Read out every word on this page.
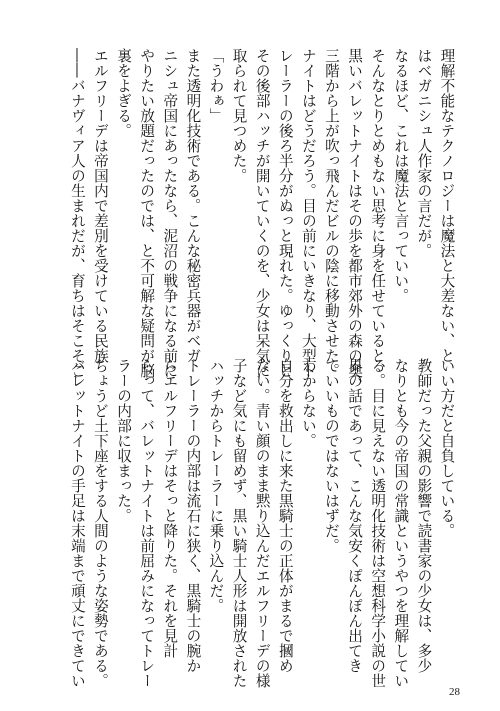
理解不能なテクノロジーは魔法と大差ない、と
はベガニシュ人作家の言だが。
なるほど、これは魔法と言っていい。
そんなとりとめもない思考に身を任せていると、
黒いバレットナイトはその歩を都市郊外の森の奥、
三階から上が吹っ飛んだビルの陰に移動させた。
ナイトはどうだろう。目の前にいきなり、大型ト
レーラーの後ろ半分がぬっと現れた。ゆっくりと
その後部ハッチが開いていくのを、少女は呆気に
取られて見つめた。
「うわぁ」
また透明化技術である。こんな秘密兵器がベガ
ニシュ帝国にあったなら、泥沼の戦争になる前に
やりたい放題だったのでは、と不可解な疑問が脳
裏をよぎる。
エルフリーデは帝国内で差別を受けている民族
――バナヴィア人の生まれだが、育ちはそこそこ
いい方だと自負している。
教師だった父親の影響で読書家の少女は、多少
なりとも今の帝国の常識というやつを理解してい
る。目に見えない透明化技術は空想科学小説の世
界の話であって、こんな気安くぽんぽん出てき
ていいものではないはずだ。
わからない。
自分を救出しに来た黒騎士の正体がまるで摑め
ない。青い顔のまま黙り込んだエルフリーデの様
子など気にも留めず、黒い騎士人形は開放された
ハッチからトレーラーに乗り込んだ。
トレーラーの内部は流石に狭く、黒騎士の腕か
らエルフリーデはそっと降りた。それを見計
らって、バレットナイトは前屈みになってトレー
ラーの内部に収まった。
ちょうど土下座をする人間のような姿勢である。
バレットナイトの手足は末端まで頑丈にできてい
28
